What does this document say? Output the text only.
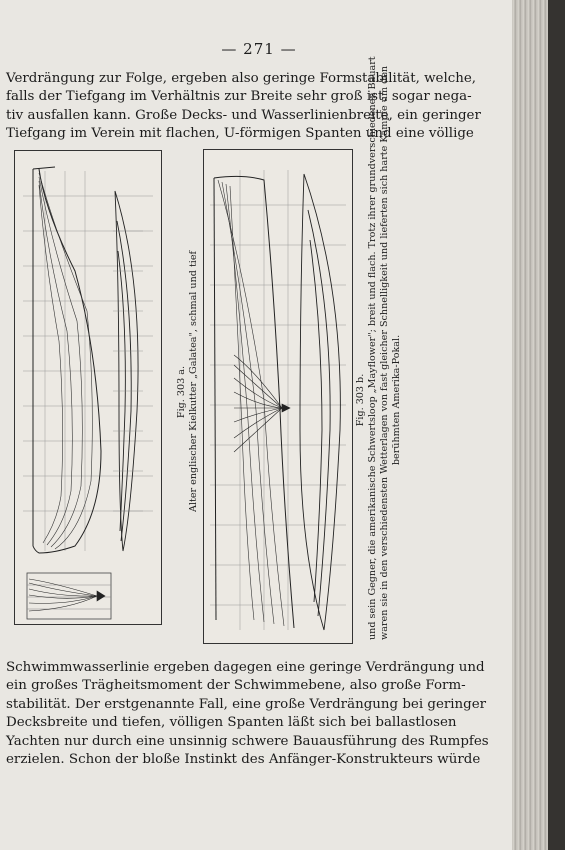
— 271 —
Verdrängung zur Folge, ergeben also geringe Formstabilität, welche,
falls der Tiefgang im Verhältnis zur Breite sehr groß ist, sogar nega-
tiv ausfallen kann. Große Decks- und Wasserlinienbreite, ein geringer
Tiefgang im Verein mit flachen, U-förmigen Spanten und eine völlige
Fig. 303 a. Alter englischer Kielkutter „Galatea", schmal und tief	Fig. 303 b. und sein Gegner, die amerikanische Schwertsloop „Mayflower"; breit und flach. Trotz ihrer grundverschiedenen Bauart waren sie in den verschiedensten Wetterlagen von fast gleicher Schnelligkeit und lieferten sich harte Kämpfe um den berühmten Amerika-Pokal.
Schwimmwasserlinie ergeben dagegen eine geringe Verdrängung und
ein großes Trägheitsmoment der Schwimmebene, also große Form-
stabilität. Der erstgenannte Fall, eine große Verdrängung bei geringer
Decksbreite und tiefen, völligen Spanten läßt sich bei ballastlosen
Yachten nur durch eine unsinnig schwere Bauausführung des Rumpfes
erzielen. Schon der bloße Instinkt des Anfänger-Konstrukteurs würde
